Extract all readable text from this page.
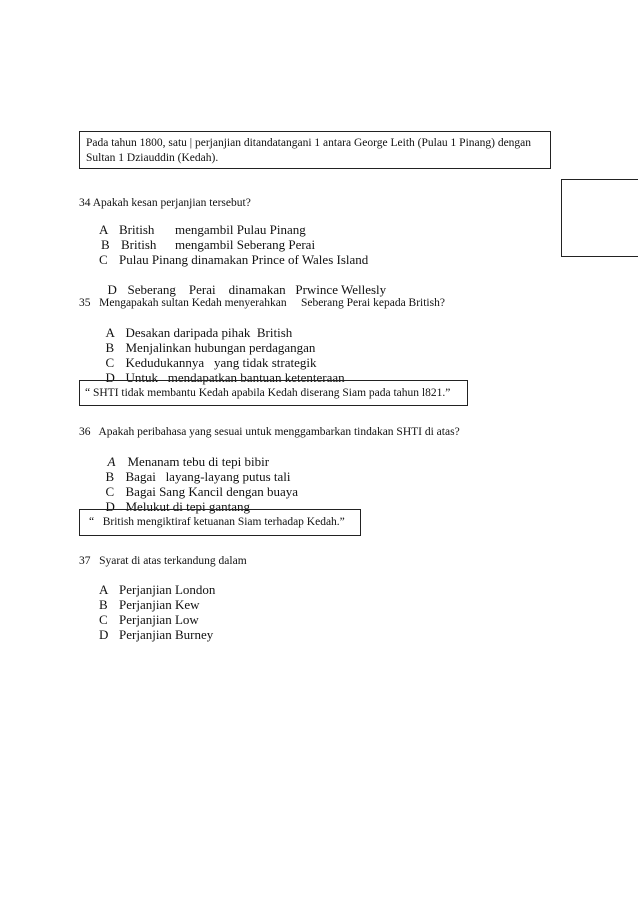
Pada tahun 1800, satu | perjanjian ditandatangani 1 antara George Leith (Pulau 1 Pinang) dengan
Sultan 1 Dziauddin (Kedah).
34 Apakah kesan perjanjian tersebut?
A British mengambil Pulau Pinang
B British mengambil Seberang Perai
C Pulau Pinang dinamakan Prince of Wales Island

D Seberang    Perai    dinamakan   Prwince Wellesly

35   Mengapakah sultan Kedah menyerahkan     Seberang Perai kepada British?

A Desakan daripada pihak  British

B Menjalinkan hubungan perdagangan

C Kedudukannya   yang tidak strategik

D Untuk   mendapatkan bantuan ketenteraan

“ SHTI tidak membantu Kedah apabila Kedah diserang Siam pada tahun l821.”
36   Apakah peribahasa yang sesuai untuk menggambarkan tindakan SHTI di atas?

A Menanam tebu di tepi bibir

B Bagai   layang-layang putus tali

C Bagai Sang Kancil dengan buaya

D Melukut di tepi gantang

“   British mengiktiraf ketuanan Siam terhadap Kedah.”
37   Syarat di atas terkandung dalam
A Perjanjian London
B Perjanjian Kew
C Perjanjian Low
D Perjanjian Burney
